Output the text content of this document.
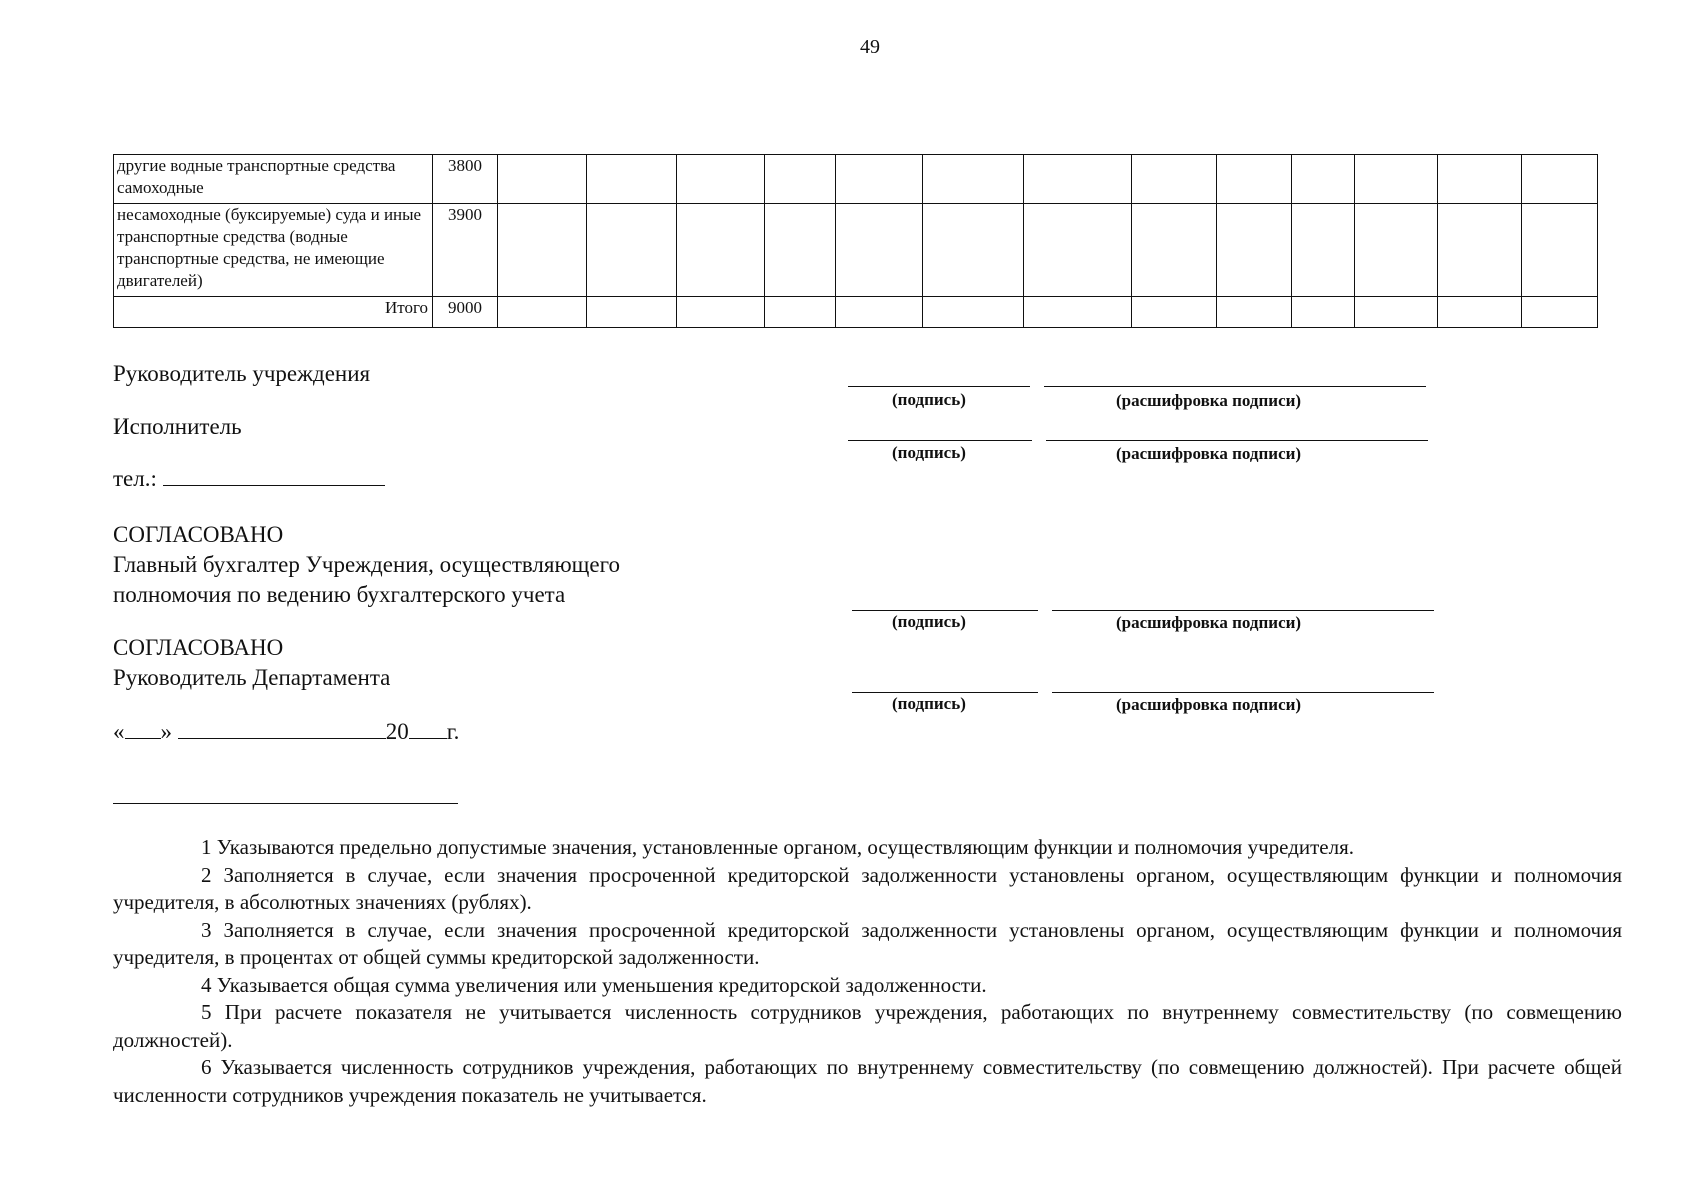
49
другие водные транспортные средства самоходные	3800													
несамоходные (буксируемые) суда и иные транспортные средства (водные транспортные средства, не имеющие двигателей)	3900													
Итого	9000													
Руководитель учреждения
(подпись)	(расшифровка подписи)
Исполнитель
(подпись)	(расшифровка подписи)
тел.:
СОГЛАСОВАНО
Главный бухгалтер Учреждения, осуществляющего
полномочия по ведению бухгалтерского учета
(подпись)	(расшифровка подписи)
СОГЛАСОВАНО
Руководитель Департамента
(подпись)	(расшифровка подписи)
« »	20 г.

1 Указываются предельно допустимые значения, установленные органом, осуществляющим функции и полномочия учредителя.

2 Заполняется в случае, если значения просроченной кредиторской задолженности установлены органом, осуществляющим функции и полномочия учредителя, в абсолютных значениях (рублях).

3 Заполняется в случае, если значения просроченной кредиторской задолженности установлены органом, осуществляющим функции и полномочия учредителя, в процентах от общей суммы кредиторской задолженности.

4 Указывается общая сумма увеличения или уменьшения кредиторской задолженности.

5 При расчете показателя не учитывается численность сотрудников учреждения, работающих по внутреннему совместительству (по совмещению должностей).

6 Указывается численность сотрудников учреждения, работающих по внутреннему совместительству (по совмещению должностей). При расчете общей численности сотрудников учреждения показатель не учитывается.
